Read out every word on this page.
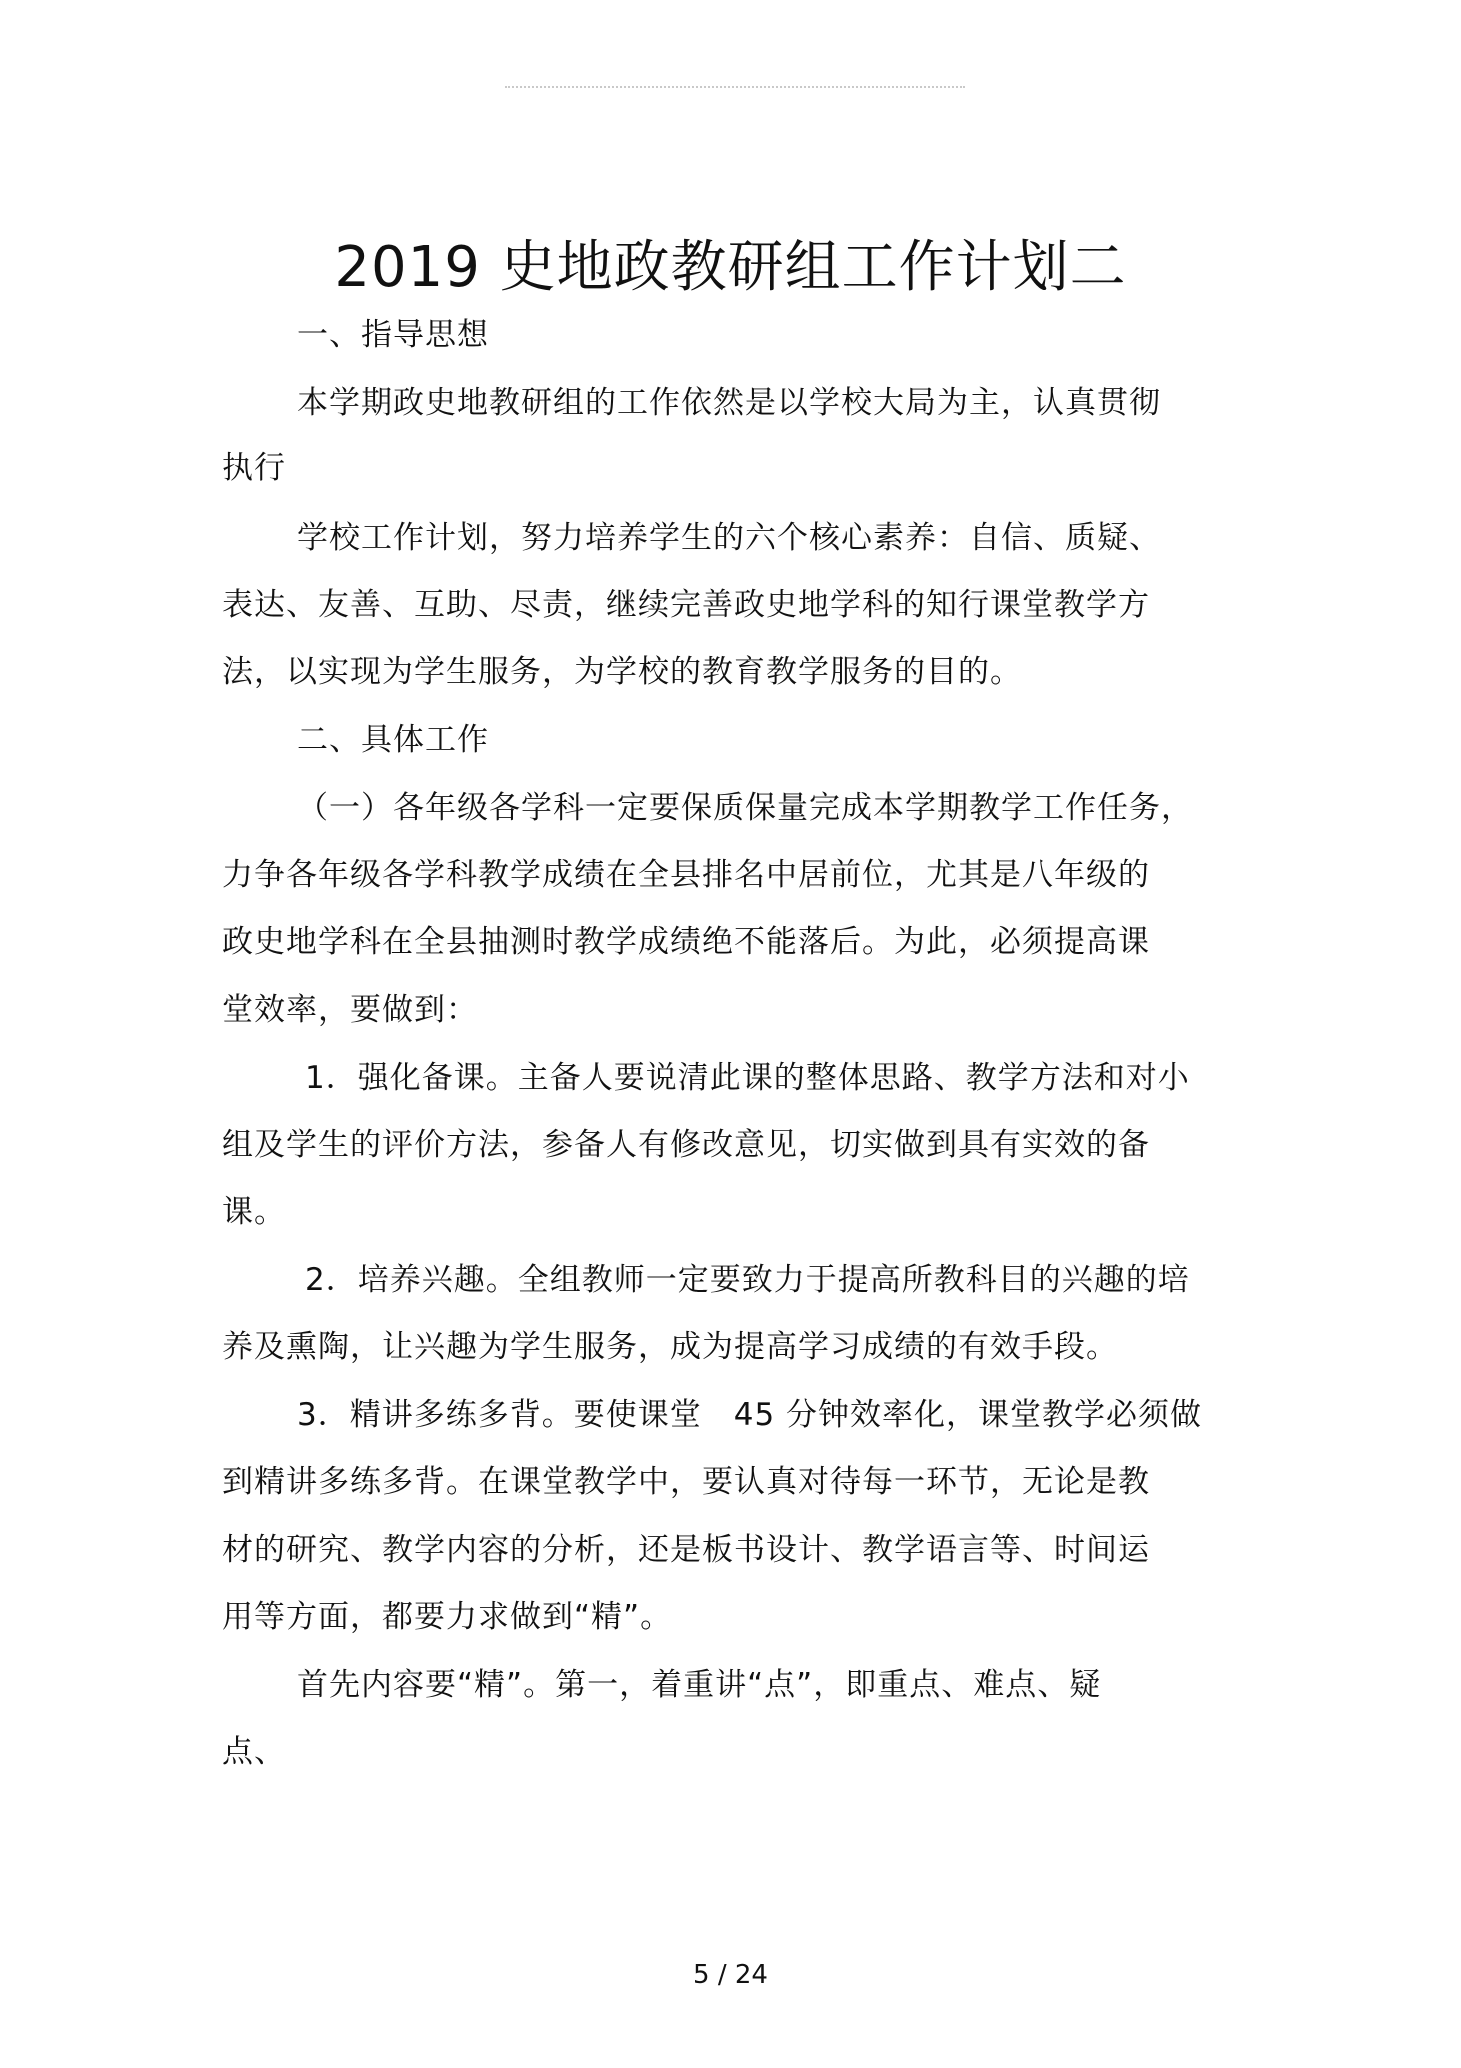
2019 史地政教研组工作计划二
一、指导思想
本学期政史地教研组的工作依然是以学校大局为主，认真贯彻
执行
学校工作计划，努力培养学生的六个核心素养：自信、质疑、
表达、友善、互助、尽责，继续完善政史地学科的知行课堂教学方
法，以实现为学生服务，为学校的教育教学服务的目的。
二、具体工作
（一）各年级各学科一定要保质保量完成本学期教学工作任务，
力争各年级各学科教学成绩在全县排名中居前位，尤其是八年级的
政史地学科在全县抽测时教学成绩绝不能落后。为此，必须提高课
堂效率，要做到：
1．强化备课。主备人要说清此课的整体思路、教学方法和对小
组及学生的评价方法，参备人有修改意见，切实做到具有实效的备
课。
2．培养兴趣。全组教师一定要致力于提高所教科目的兴趣的培
养及熏陶，让兴趣为学生服务，成为提高学习成绩的有效手段。
3．精讲多练多背。要使课堂　45 分钟效率化，课堂教学必须做
到精讲多练多背。在课堂教学中，要认真对待每一环节，无论是教
材的研究、教学内容的分析，还是板书设计、教学语言等、时间运
用等方面，都要力求做到“精”。
首先内容要“精”。第一，着重讲“点”，即重点、难点、疑
点、
5 / 24
